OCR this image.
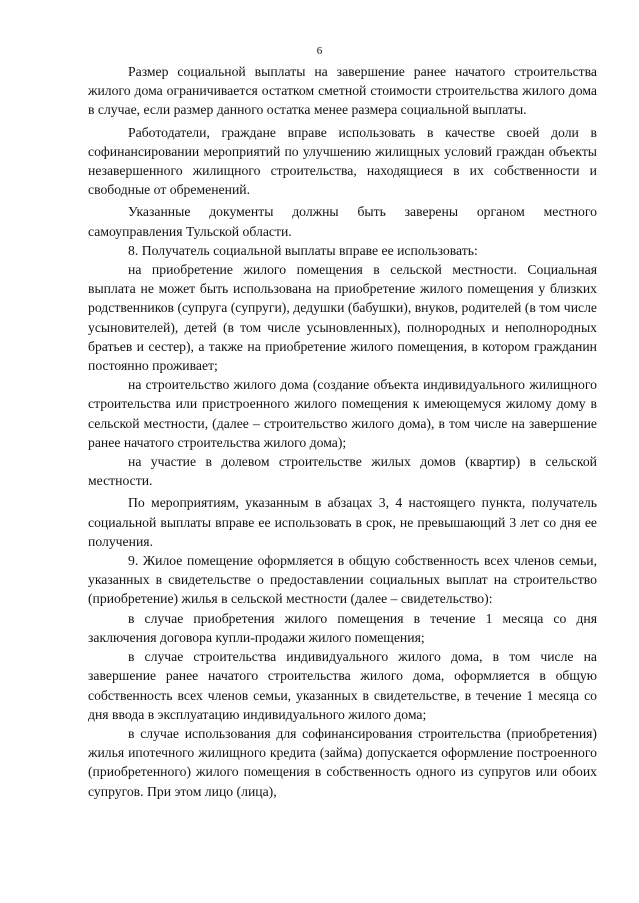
6

Размер социальной выплаты на завершение ранее начатого строительства жилого дома ограничивается остатком сметной стоимости строительства жилого дома в случае, если размер данного остатка менее размера социальной выплаты.

Работодатели, граждане вправе использовать в качестве своей доли в софинансировании мероприятий по улучшению жилищных условий граждан объекты незавершенного жилищного строительства, находящиеся в их собственности и свободные от обременений.

Указанные документы должны быть заверены органом местного самоуправления Тульской области.

8. Получатель социальной выплаты вправе ее использовать:

на приобретение жилого помещения в сельской местности. Социальная выплата не может быть использована на приобретение жилого помещения у близких родственников (супруга (супруги), дедушки (бабушки), внуков, родителей (в том числе усыновителей), детей (в том числе усыновленных), полнородных и неполнородных братьев и сестер), а также на приобретение жилого помещения, в котором гражданин постоянно проживает;

на строительство жилого дома (создание объекта индивидуального жилищного строительства или пристроенного жилого помещения к имеющемуся жилому дому в сельской местности, (далее – строительство жилого дома), в том числе на завершение ранее начатого строительства жилого дома);

на участие в долевом строительстве жилых домов (квартир) в сельской местности.

По мероприятиям, указанным в абзацах 3, 4 настоящего пункта, получатель социальной выплаты вправе ее использовать в срок, не превышающий 3 лет со дня ее получения.

9. Жилое помещение оформляется в общую собственность всех членов семьи, указанных в свидетельстве о предоставлении социальных выплат на строительство (приобретение) жилья в сельской местности (далее – свидетельство):

в случае приобретения жилого помещения в течение 1 месяца со дня заключения договора купли-продажи жилого помещения;

в случае строительства индивидуального жилого дома, в том числе на завершение ранее начатого строительства жилого дома, оформляется в общую собственность всех членов семьи, указанных в свидетельстве, в течение 1 месяца со дня ввода в эксплуатацию индивидуального жилого дома;

в случае использования для софинансирования строительства (приобретения) жилья ипотечного жилищного кредита (займа) допускается оформление построенного (приобретенного) жилого помещения в собственность одного из супругов или обоих супругов. При этом лицо (лица),
